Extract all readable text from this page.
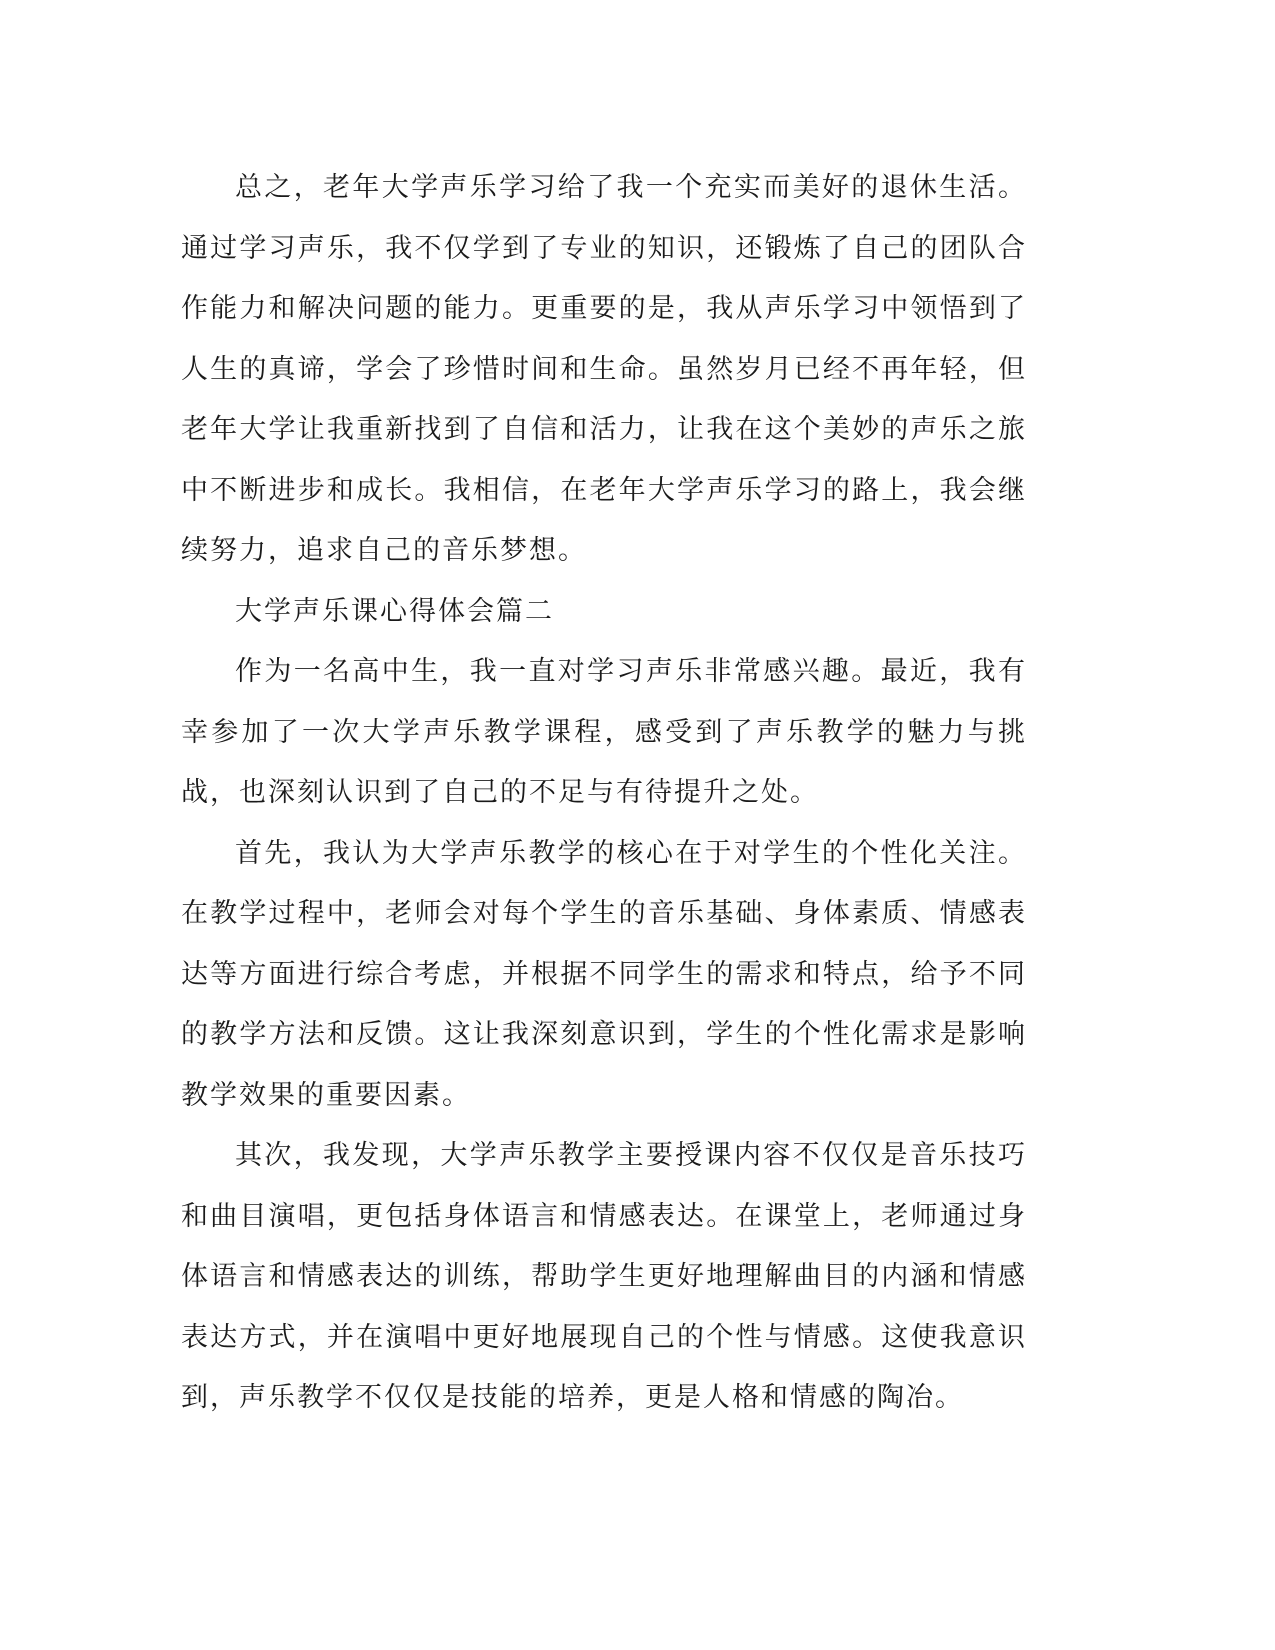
总之，老年大学声乐学习给了我一个充实而美好的退休生活。通过学习声乐，我不仅学到了专业的知识，还锻炼了自己的团队合作能力和解决问题的能力。更重要的是，我从声乐学习中领悟到了人生的真谛，学会了珍惜时间和生命。虽然岁月已经不再年轻，但老年大学让我重新找到了自信和活力，让我在这个美妙的声乐之旅中不断进步和成长。我相信，在老年大学声乐学习的路上，我会继续努力，追求自己的音乐梦想。

大学声乐课心得体会篇二

作为一名高中生，我一直对学习声乐非常感兴趣。最近，我有幸参加了一次大学声乐教学课程，感受到了声乐教学的魅力与挑战，也深刻认识到了自己的不足与有待提升之处。

首先，我认为大学声乐教学的核心在于对学生的个性化关注。在教学过程中，老师会对每个学生的音乐基础、身体素质、情感表达等方面进行综合考虑，并根据不同学生的需求和特点，给予不同的教学方法和反馈。这让我深刻意识到，学生的个性化需求是影响教学效果的重要因素。

其次，我发现，大学声乐教学主要授课内容不仅仅是音乐技巧和曲目演唱，更包括身体语言和情感表达。在课堂上，老师通过身体语言和情感表达的训练，帮助学生更好地理解曲目的内涵和情感表达方式，并在演唱中更好地展现自己的个性与情感。这使我意识到，声乐教学不仅仅是技能的培养，更是人格和情感的陶冶。
